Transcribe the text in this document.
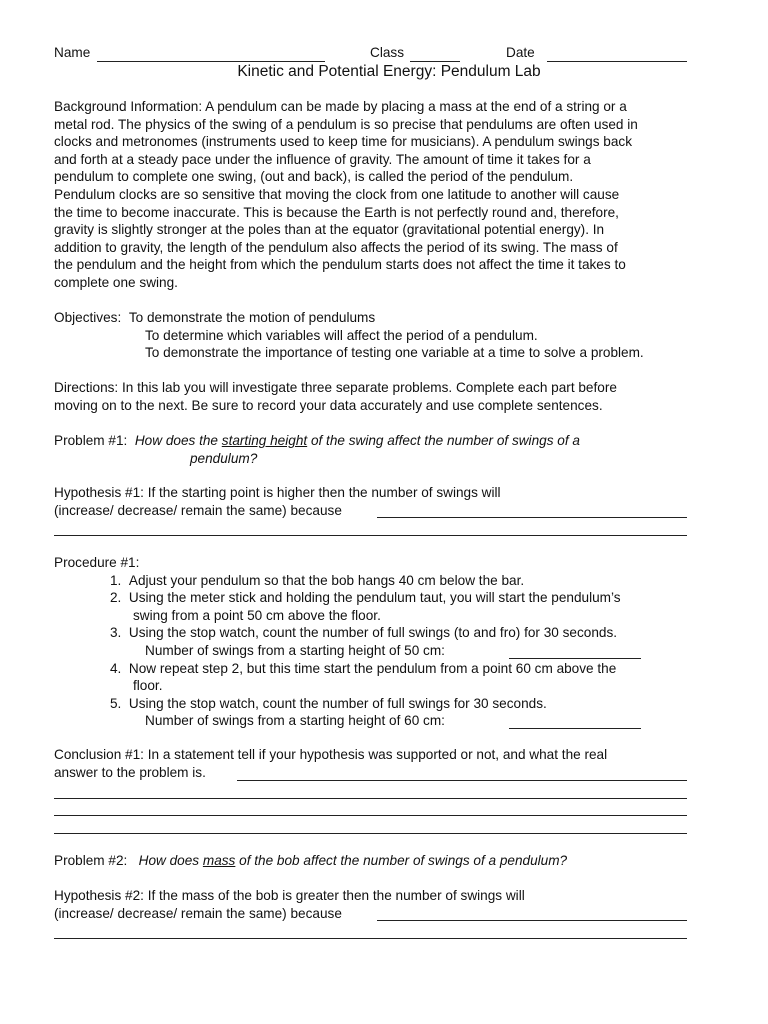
Name	Class	Date
Kinetic and Potential Energy: Pendulum Lab
Background Information: A pendulum can be made by placing a mass at the end of a string or a
metal rod. The physics of the swing of a pendulum is so precise that pendulums are often used in
clocks and metronomes (instruments used to keep time for musicians). A pendulum swings back
and forth at a steady pace under the influence of gravity. The amount of time it takes for a
pendulum to complete one swing, (out and back), is called the period of the pendulum.
Pendulum clocks are so sensitive that moving the clock from one latitude to another will cause
the time to become inaccurate. This is because the Earth is not perfectly round and, therefore,
gravity is slightly stronger at the poles than at the equator (gravitational potential energy). In
addition to gravity, the length of the pendulum also affects the period of its swing. The mass of
the pendulum and the height from which the pendulum starts does not affect the time it takes to
complete one swing.
Objectives: To demonstrate the motion of pendulums
To determine which variables will affect the period of a pendulum.
To demonstrate the importance of testing one variable at a time to solve a problem.
Directions: In this lab you will investigate three separate problems. Complete each part before
moving on to the next. Be sure to record your data accurately and use complete sentences.
Problem #1: How does the starting height of the swing affect the number of swings of a
pendulum?
Hypothesis #1: If the starting point is higher then the number of swings will
(increase/ decrease/ remain the same) because
Procedure #1:
1. Adjust your pendulum so that the bob hangs 40 cm below the bar.
2. Using the meter stick and holding the pendulum taut, you will start the pendulum’s
swing from a point 50 cm above the floor.
3. Using the stop watch, count the number of full swings (to and fro) for 30 seconds.
Number of swings from a starting height of 50 cm:
4. Now repeat step 2, but this time start the pendulum from a point 60 cm above the
floor.
5. Using the stop watch, count the number of full swings for 30 seconds.
Number of swings from a starting height of 60 cm:
Conclusion #1: In a statement tell if your hypothesis was supported or not, and what the real
answer to the problem is.
Problem #2: How does mass of the bob affect the number of swings of a pendulum?
Hypothesis #2: If the mass of the bob is greater then the number of swings will
(increase/ decrease/ remain the same) because
